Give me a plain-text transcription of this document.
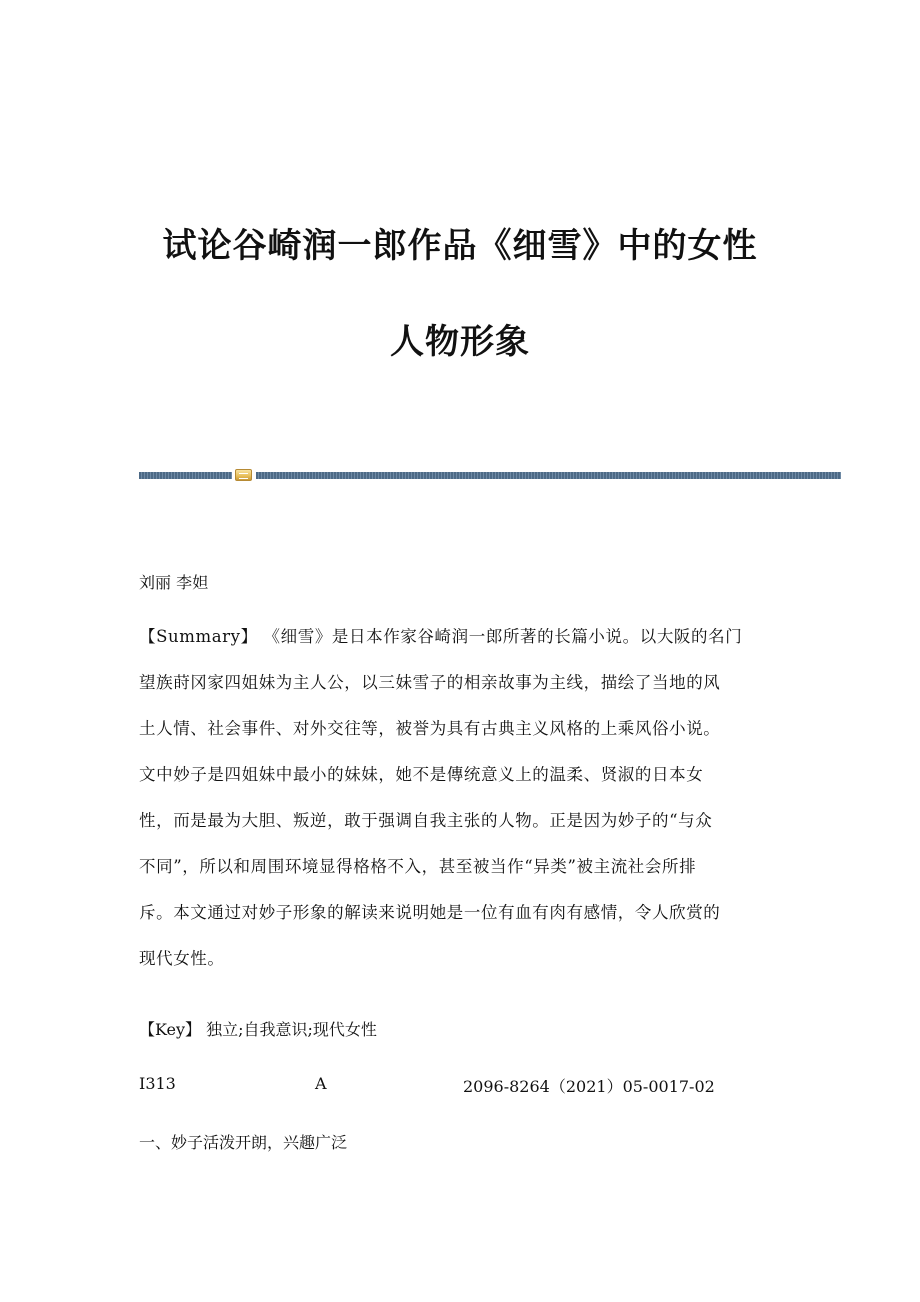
试论谷崎润一郎作品《细雪》中的女性
人物形象
刘丽 李妲
【Summary】 《细雪》是日本作家谷崎润一郎所著的长篇小说。以大阪的名门
望族莳冈家四姐妹为主人公，以三妹雪子的相亲故事为主线，描绘了当地的风
土人情、社会事件、对外交往等，被誉为具有古典主义风格的上乘风俗小说。
文中妙子是四姐妹中最小的妹妹，她不是傳统意义上的温柔、贤淑的日本女
性，而是最为大胆、叛逆，敢于强调自我主张的人物。正是因为妙子的“与众
不同”，所以和周围环境显得格格不入，甚至被当作“异类”被主流社会所排
斥。本文通过对妙子形象的解读来说明她是一位有血有肉有感情，令人欣赏的
现代女性。
【Key】 独立;自我意识;现代女性
I313	A	2096-8264（2021）05-0017-02
一、妙子活泼开朗，兴趣广泛
